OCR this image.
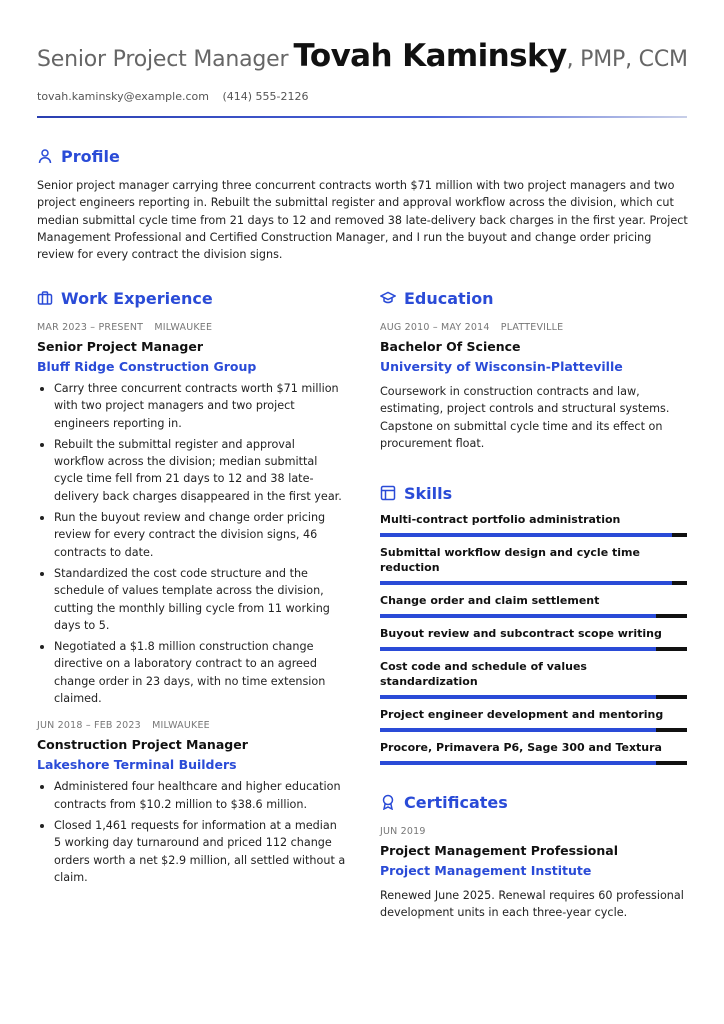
Senior Project Manager Tovah Kaminsky, PMP, CCM
tovah.kaminsky@example.com (414) 555-2126
Profile

Senior project manager carrying three concurrent contracts worth $71 million with two project managers and two project engineers reporting in. Rebuilt the submittal register and approval workflow across the division, which cut median submittal cycle time from 21 days to 12 and removed 38 late-delivery back charges in the first year. Project Management Professional and Certified Construction Manager, and I run the buyout and change order pricing review for every contract the division signs.

Work Experience
MAR 2023 – PRESENT MILWAUKEE
Senior Project Manager
Bluff Ridge Construction Group
Carry three concurrent contracts worth $71 million with two project managers and two project engineers reporting in.
Rebuilt the submittal register and approval workflow across the division; median submittal cycle time fell from 21 days to 12 and 38 late-delivery back charges disappeared in the first year.
Run the buyout review and change order pricing review for every contract the division signs, 46 contracts to date.
Standardized the cost code structure and the schedule of values template across the division, cutting the monthly billing cycle from 11 working days to 5.
Negotiated a $1.8 million construction change directive on a laboratory contract to an agreed change order in 23 days, with no time extension claimed.
JUN 2018 – FEB 2023 MILWAUKEE
Construction Project Manager
Lakeshore Terminal Builders
Administered four healthcare and higher education contracts from $10.2 million to $38.6 million.
Closed 1,461 requests for information at a median 5 working day turnaround and priced 112 change orders worth a net $2.9 million, all settled without a claim.
Education
AUG 2010 – MAY 2014 PLATTEVILLE
Bachelor Of Science
University of Wisconsin-Platteville
Coursework in construction contracts and law, estimating, project controls and structural systems. Capstone on submittal cycle time and its effect on procurement float.
Skills
Multi-contract portfolio administration
Submittal workflow design and cycle time reduction
Change order and claim settlement
Buyout review and subcontract scope writing
Cost code and schedule of values standardization
Project engineer development and mentoring
Procore, Primavera P6, Sage 300 and Textura
Certificates
JUN 2019
Project Management Professional
Project Management Institute
Renewed June 2025. Renewal requires 60 professional development units in each three-year cycle.
